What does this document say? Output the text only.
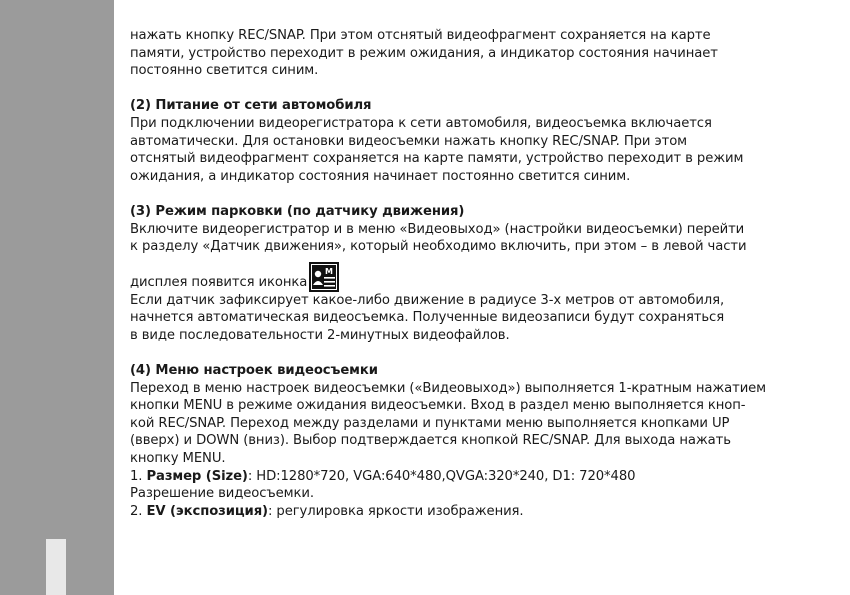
нажать кнопку REC/SNAP. При этом отснятый видеофрагмент сохраняется на карте
памяти, устройство переходит в режим ожидания, а индикатор состояния начинает
постоянно светится синим.
(2) Питание от сети автомобиля
При подключении видеорегистратора к сети автомобиля, видеосъемка включается
автоматически. Для остановки видеосъемки нажать кнопку REC/SNAP. При этом
отснятый видеофрагмент сохраняется на карте памяти, устройство переходит в режим
ожидания, а индикатор состояния начинает постоянно светится синим.
(3) Режим парковки (по датчику движения)
Включите видеорегистратор и в меню «Видеовыход» (настройки видеосъемки) перейти
к разделу «Датчик движения», который необходимо включить, при этом – в левой части
дисплея появится иконка
M
Если датчик зафиксирует какое-либо движение в радиусе 3-х метров от автомобиля,
начнется автоматическая видеосъемка. Полученные видеозаписи будут сохраняться
в виде последовательности 2-минутных видеофайлов.
(4) Меню настроек видеосъемки
Переход в меню настроек видеосъемки («Видеовыход») выполняется 1-кратным нажатием
кнопки MENU в режиме ожидания видеосъемки. Вход в раздел меню выполняется кноп-
кой REC/SNAP. Переход между разделами и пунктами меню выполняется кнопками UP
(вверх) и DOWN (вниз). Выбор подтверждается кнопкой REC/SNAP. Для выхода нажать
кнопку MENU.
1. Размер (Size): HD:1280*720, VGA:640*480,QVGA:320*240, D1: 720*480
Разрешение видеосъемки.
2. EV (экспозиция): регулировка яркости изображения.
